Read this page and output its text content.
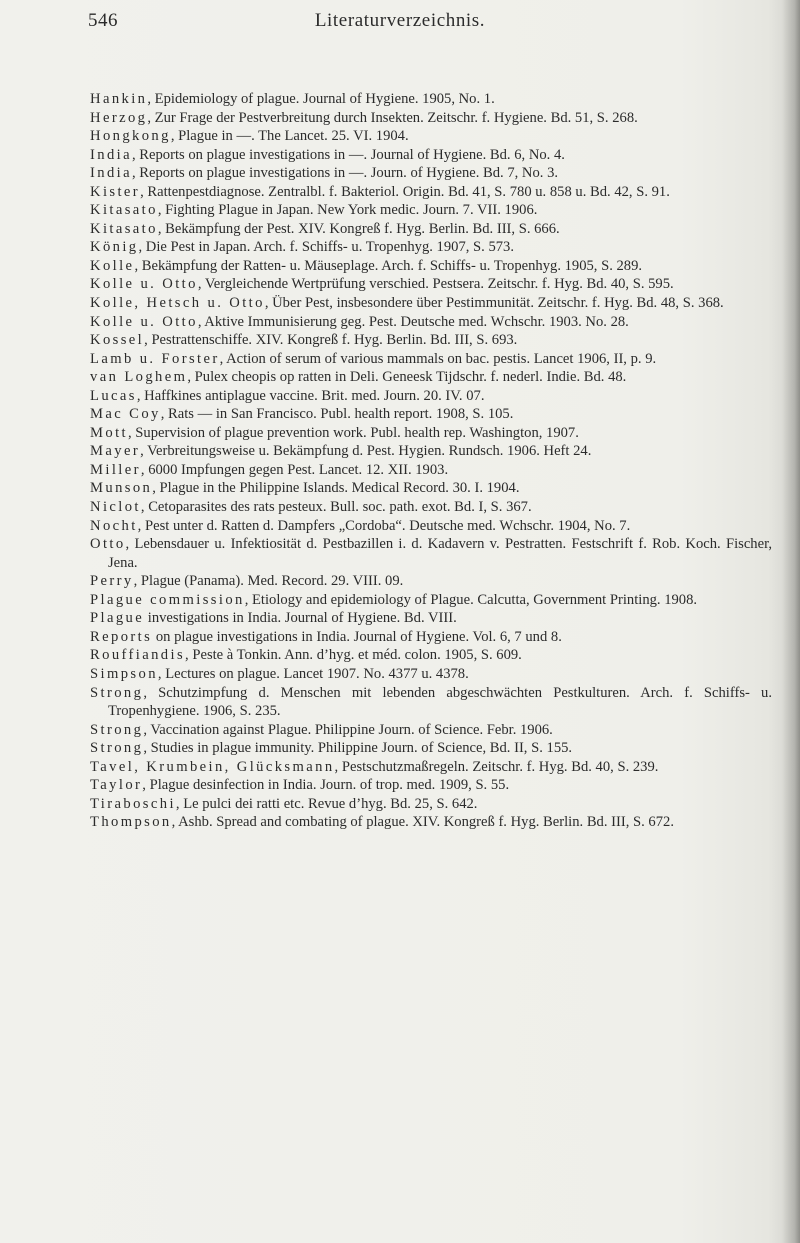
546	Literaturverzeichnis.
Hankin, Epidemiology of plague. Journal of Hygiene. 1905, No. 1.
Herzog, Zur Frage der Pestverbreitung durch Insekten. Zeitschr. f. Hygiene. Bd. 51, S. 268.
Hongkong, Plague in —. The Lancet. 25. VI. 1904.
India, Reports on plague investigations in —. Journal of Hygiene. Bd. 6, No. 4.
India, Reports on plague investigations in —. Journ. of Hygiene. Bd. 7, No. 3.
Kister, Rattenpestdiagnose. Zentralbl. f. Bakteriol. Origin. Bd. 41, S. 780 u. 858 u. Bd. 42, S. 91.
Kitasato, Fighting Plague in Japan. New York medic. Journ. 7. VII. 1906.
Kitasato, Bekämpfung der Pest. XIV. Kongreß f. Hyg. Berlin. Bd. III, S. 666.
König, Die Pest in Japan. Arch. f. Schiffs- u. Tropenhyg. 1907, S. 573.
Kolle, Bekämpfung der Ratten- u. Mäuseplage. Arch. f. Schiffs- u. Tropenhyg. 1905, S. 289.
Kolle u. Otto, Vergleichende Wertprüfung verschied. Pestsera. Zeitschr. f. Hyg. Bd. 40, S. 595.
Kolle, Hetsch u. Otto, Über Pest, insbesondere über Pestimmunität. Zeitschr. f. Hyg. Bd. 48, S. 368.
Kolle u. Otto, Aktive Immunisierung geg. Pest. Deutsche med. Wchschr. 1903. No. 28.
Kossel, Pestrattenschiffe. XIV. Kongreß f. Hyg. Berlin. Bd. III, S. 693.
Lamb u. Forster, Action of serum of various mammals on bac. pestis. Lancet 1906, II, p. 9.
van Loghem, Pulex cheopis op ratten in Deli. Geneesk Tijdschr. f. nederl. Indie. Bd. 48.
Lucas, Haffkines antiplague vaccine. Brit. med. Journ. 20. IV. 07.
Mac Coy, Rats — in San Francisco. Publ. health report. 1908, S. 105.
Mott, Supervision of plague prevention work. Publ. health rep. Washington, 1907.
Mayer, Verbreitungsweise u. Bekämpfung d. Pest. Hygien. Rundsch. 1906. Heft 24.
Miller, 6000 Impfungen gegen Pest. Lancet. 12. XII. 1903.
Munson, Plague in the Philippine Islands. Medical Record. 30. I. 1904.
Niclot, Cetoparasites des rats pesteux. Bull. soc. path. exot. Bd. I, S. 367.
Nocht, Pest unter d. Ratten d. Dampfers „Cordoba“. Deutsche med. Wchschr. 1904, No. 7.
Otto, Lebensdauer u. Infektiosität d. Pestbazillen i. d. Kadavern v. Pestratten. Festschrift f. Rob. Koch. Fischer, Jena.
Perry, Plague (Panama). Med. Record. 29. VIII. 09.
Plague commission, Etiology and epidemiology of Plague. Calcutta, Government Printing. 1908.
Plague investigations in India. Journal of Hygiene. Bd. VIII.
Reports on plague investigations in India. Journal of Hygiene. Vol. 6, 7 und 8.
Rouffiandis, Peste à Tonkin. Ann. d’hyg. et méd. colon. 1905, S. 609.
Simpson, Lectures on plague. Lancet 1907. No. 4377 u. 4378.
Strong, Schutzimpfung d. Menschen mit lebenden abgeschwächten Pestkulturen. Arch. f. Schiffs- u. Tropenhygiene. 1906, S. 235.
Strong, Vaccination against Plague. Philippine Journ. of Science. Febr. 1906.
Strong, Studies in plague immunity. Philippine Journ. of Science, Bd. II, S. 155.
Tavel, Krumbein, Glücksmann, Pestschutzmaßregeln. Zeitschr. f. Hyg. Bd. 40, S. 239.
Taylor, Plague desinfection in India. Journ. of trop. med. 1909, S. 55.
Tiraboschi, Le pulci dei ratti etc. Revue d’hyg. Bd. 25, S. 642.
Thompson, Ashb. Spread and combating of plague. XIV. Kongreß f. Hyg. Berlin. Bd. III, S. 672.
